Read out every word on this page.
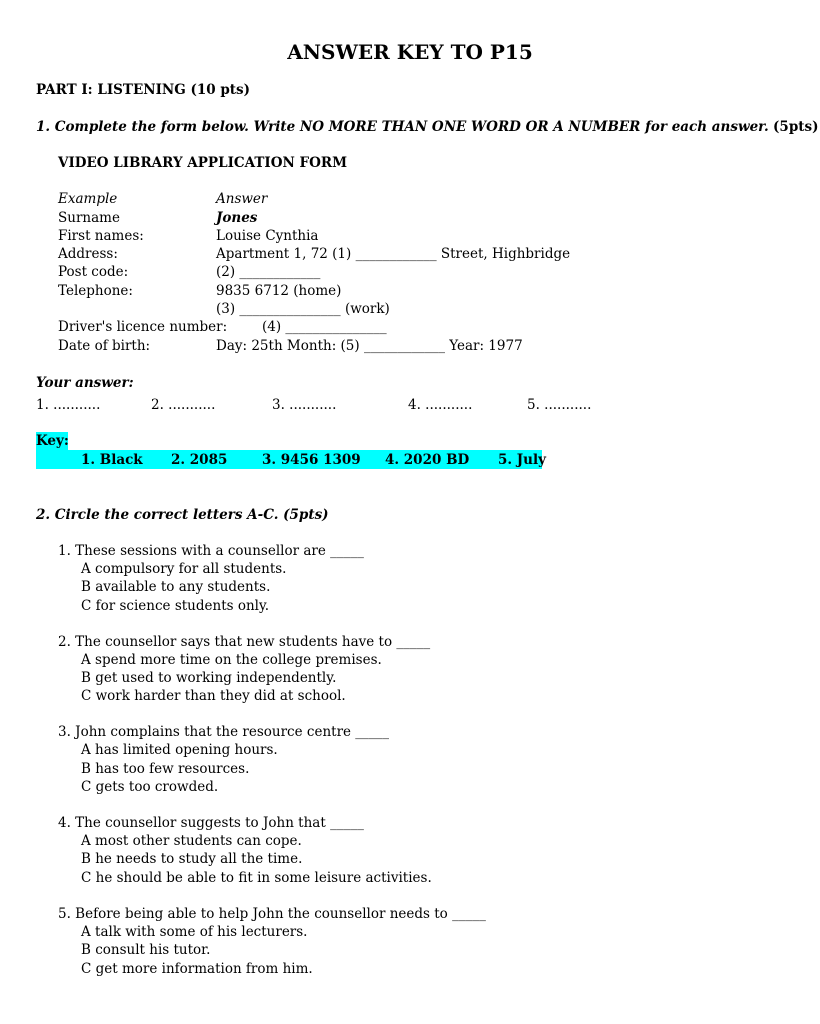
ANSWER KEY TO P15
PART I: LISTENING (10 pts)
1. Complete the form below. Write NO MORE THAN ONE WORD OR A NUMBER for each answer. (5pts)
VIDEO LIBRARY APPLICATION FORM
Example	Answer
Surname	Jones
First names:	Louise Cynthia
Address:	Apartment 1, 72 (1) ____________ Street, Highbridge
Post code:	(2) ____________
Telephone:	9835 6712 (home)
(3) _______________ (work)
Driver's licence number:	(4) _______________
Date of birth:	Day: 25th Month: (5) ____________ Year: 1977
Your answer:
1. ...........	2. ...........	3. ...........	4. ...........	5. ...........
Key:
1. Black 2. 2085	3. 9456 1309 4. 2020 BD 5. July
2. Circle the correct letters A-C. (5pts)
1. These sessions with a counsellor are _____
A compulsory for all students.
B available to any students.
C for science students only.
2. The counsellor says that new students have to _____
A spend more time on the college premises.
B get used to working independently.
C work harder than they did at school.
3. John complains that the resource centre _____
A has limited opening hours.
B has too few resources.
C gets too crowded.
4. The counsellor suggests to John that _____
A most other students can cope.
B he needs to study all the time.
C he should be able to fit in some leisure activities.
5. Before being able to help John the counsellor needs to _____
A talk with some of his lecturers.
B consult his tutor.
C get more information from him.
